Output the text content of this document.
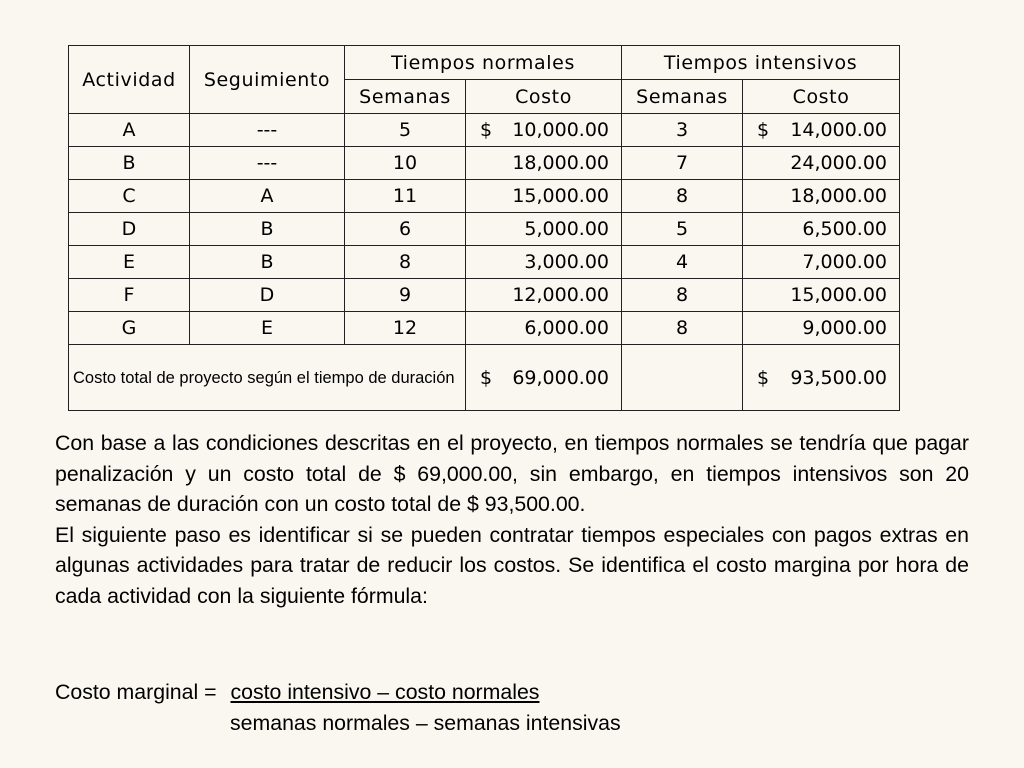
Actividad	Seguimiento	Tiempos normales		Tiempos intensivos	
		Semanas	Costo	Semanas	Costo
A	---	5	$ 10,000.00	3	$ 14,000.00

B	---	10	18,000.00	7	24,000.00

C	A	11	15,000.00	8	18,000.00

D	B	6	5,000.00	5	6,500.00

E	B	8	3,000.00	4	7,000.00

F	D	9	12,000.00	8	15,000.00

G	E	12	6,000.00	8	9,000.00

Costo total de proyecto según el tiempo de duración			$ 69,000.00		$ 93,500.00

Con base a las condiciones descritas en el proyecto, en tiempos normales se tendría que pagar penalización y un costo total de $ 69,000.00, sin embargo, en tiempos intensivos son 20 semanas de duración con un costo total de $ 93,500.00.

El siguiente paso es identificar si se pueden contratar tiempos especiales con pagos extras en algunas actividades para tratar de reducir los costos. Se identifica el costo margina por hora de cada actividad con la siguiente fórmula:

Costo marginal = costo intensivo – costo normales
semanas normales – semanas intensivas
